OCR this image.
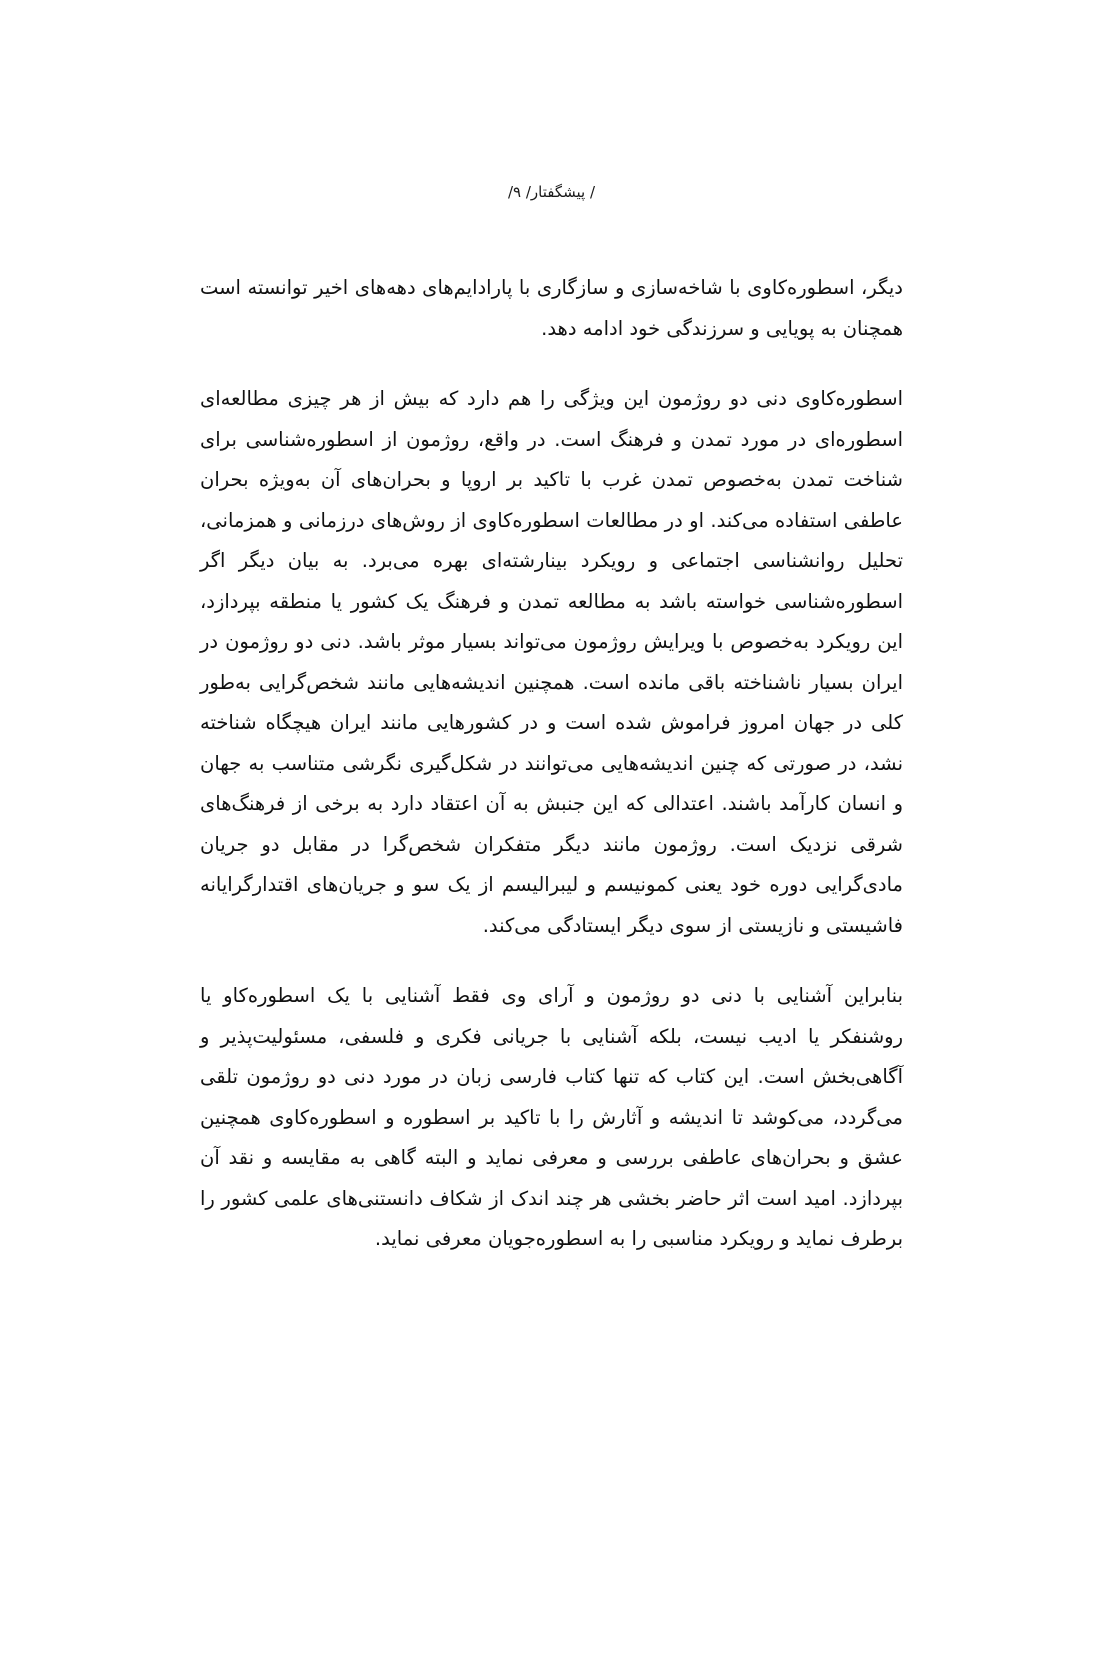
/ پیشگفتار/ ۹/

دیگر، اسطوره‌کاوی با شاخه‌سازی و سازگاری با پارادایم‌های دهه‌های اخیر توانسته است همچنان به پویایی و سرزندگی خود ادامه دهد.

اسطوره‌کاوی دنی دو روژمون این ویژگی را هم دارد که بیش از هر چیزی مطالعه‌ای اسطوره‌ای در مورد تمدن و فرهنگ است. در واقع، روژمون از اسطوره‌شناسی برای شناخت تمدن به‌خصوص تمدن غرب با تاکید بر اروپا و بحران‌های آن به‌ویژه بحران عاطفی استفاده می‌کند. او در مطالعات اسطوره‌کاوی از روش‌های درزمانی و همزمانی، تحلیل روانشناسی اجتماعی و رویکرد بینارشته‌ای بهره می‌برد. به بیان دیگر اگر اسطوره‌شناسی خواسته باشد به مطالعه تمدن و فرهنگ یک کشور یا منطقه بپردازد، این رویکرد به‌خصوص با ویرایش روژمون می‌تواند بسیار موثر باشد. دنی دو روژمون در ایران بسیار ناشناخته باقی مانده است. همچنین اندیشه‌هایی مانند شخص‌گرایی به‌طور کلی در جهان امروز فراموش شده است و در کشورهایی مانند ایران هیچگاه شناخته نشد، در صورتی که چنین اندیشه‌هایی می‌توانند در شکل‌گیری نگرشی متناسب به جهان و انسان کارآمد باشند. اعتدالی که این جنبش به آن اعتقاد دارد به برخی از فرهنگ‌های شرقی نزدیک است. روژمون مانند دیگر متفکران شخص‌گرا در مقابل دو جریان مادی‌گرایی دوره خود یعنی کمونیسم و لیبرالیسم از یک سو و جریان‌های اقتدارگرایانه فاشیستی و نازیستی از سوی دیگر ایستادگی می‌کند.

بنابراین آشنایی با دنی دو روژمون و آرای وی فقط آشنایی با یک اسطوره‌کاو یا روشنفکر یا ادیب نیست، بلکه آشنایی با جریانی فکری و فلسفی، مسئولیت‌پذیر و آگاهی‌بخش است. این کتاب که تنها کتاب فارسی زبان در مورد دنی دو روژمون تلقی می‌گردد، می‌کوشد تا اندیشه و آثارش را با تاکید بر اسطوره و اسطوره‌کاوی همچنین عشق و بحران‌های عاطفی بررسی و معرفی نماید و البته گاهی به مقایسه و نقد آن بپردازد. امید است اثر حاضر بخشی هر چند اندک از شکاف دانستنی‌های علمی کشور را برطرف نماید و رویکرد مناسبی را به اسطوره‌جویان معرفی نماید.
